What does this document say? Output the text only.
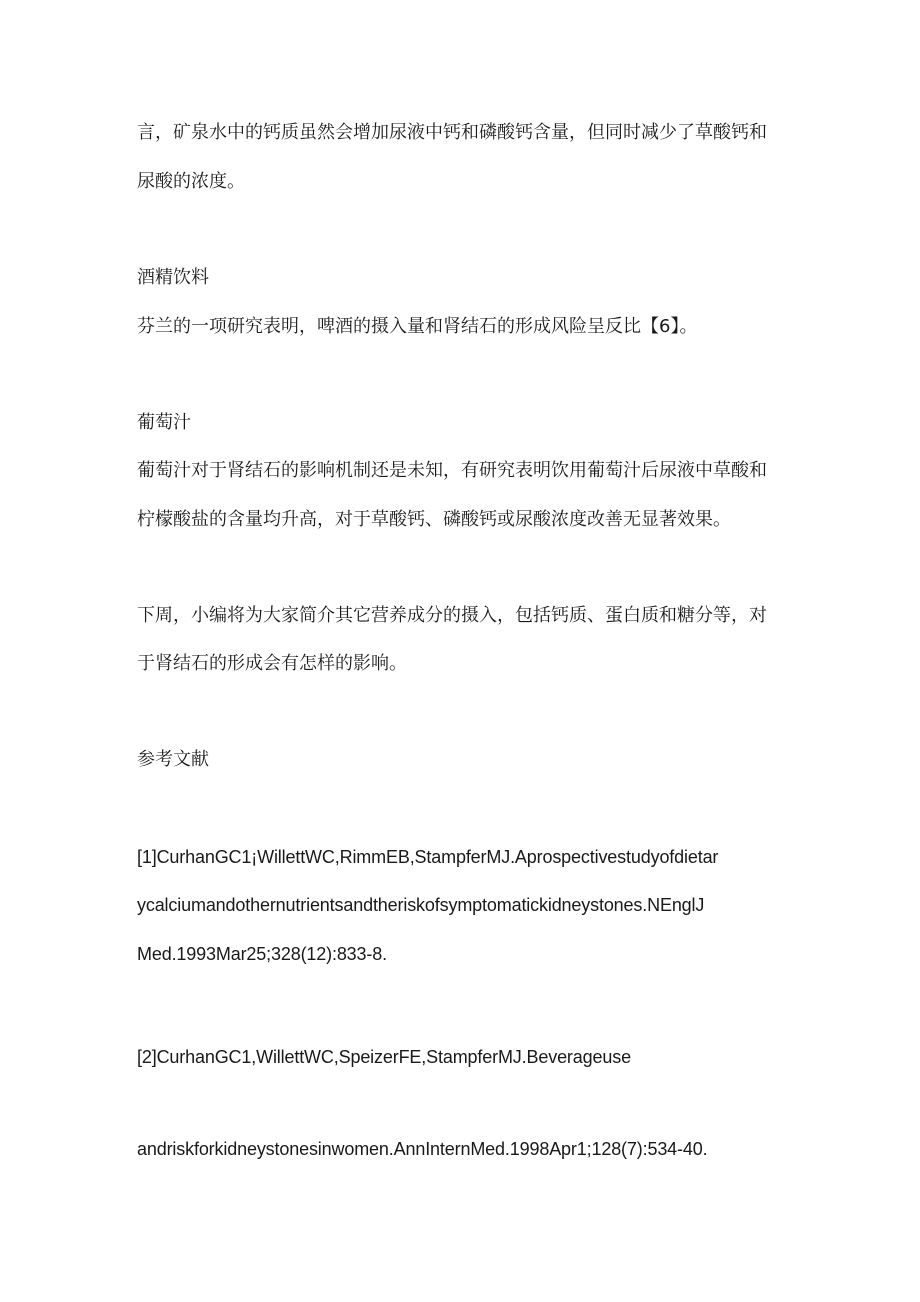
言，矿泉水中的钙质虽然会增加尿液中钙和磷酸钙含量，但同时减少了草酸钙和
尿酸的浓度。
酒精饮料
芬兰的一项研究表明，啤酒的摄入量和肾结石的形成风险呈反比【6】。
葡萄汁
葡萄汁对于肾结石的影响机制还是未知，有研究表明饮用葡萄汁后尿液中草酸和
柠檬酸盐的含量均升高，对于草酸钙、磷酸钙或尿酸浓度改善无显著效果。
下周，小编将为大家简介其它营养成分的摄入，包括钙质、蛋白质和糖分等，对
于肾结石的形成会有怎样的影响。
参考文献
[1]CurhanGC1¡WillettWC,RimmEB,StampferMJ.Aprospectivestudyofdietar
ycalciumandothernutrientsandtheriskofsymptomatickidneystones.NEnglJ
Med.1993Mar25;328(12):833-8.
[2]CurhanGC1,WillettWC,SpeizerFE,StampferMJ.Beverageuse
andriskforkidneystonesinwomen.AnnInternMed.1998Apr1;128(7):534-40.
